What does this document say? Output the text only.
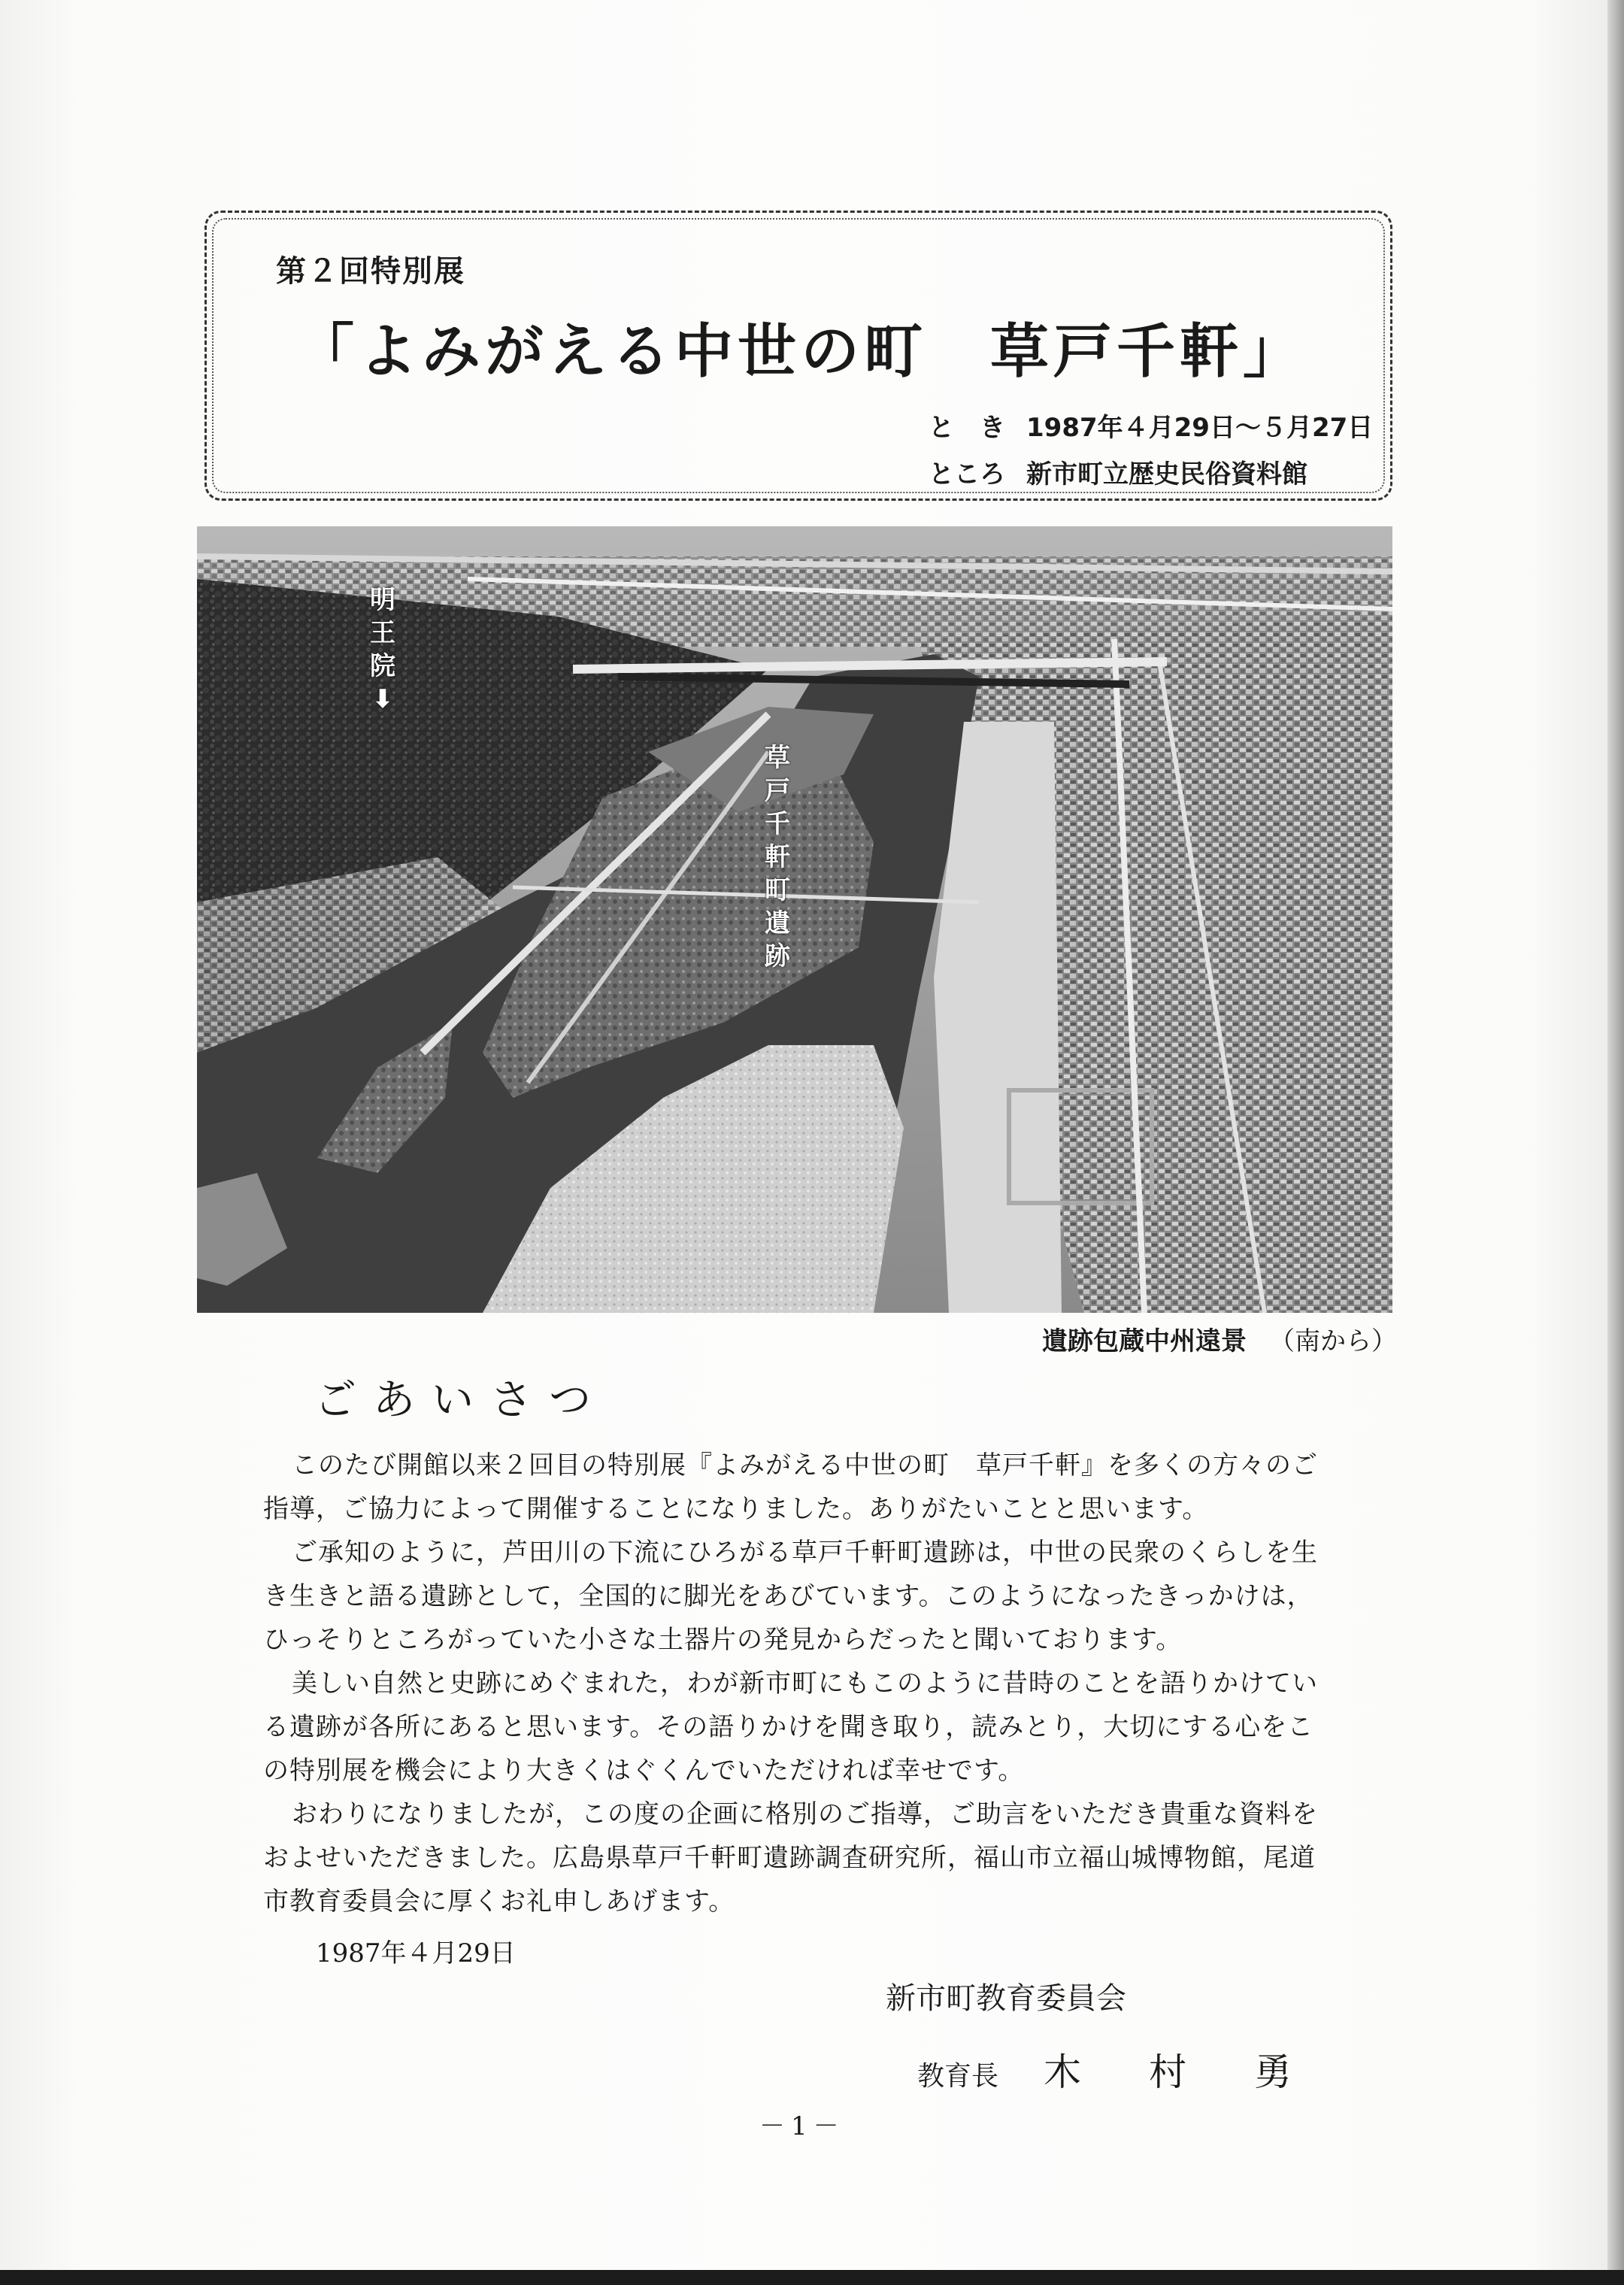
第２回特別展
「よみがえる中世の町　草戸千軒」
と　き 1987年４月29日～５月27日
ところ 新市町立歴史民俗資料館
明王院⬇
草戸千軒町遺跡
遺跡包蔵中州遠景 （南から）
ごあいさつ

このたび開館以来２回目の特別展『よみがえる中世の町　草戸千軒』を多くの方々のご指導，ご協力によって開催することになりました。ありがたいことと思います。

ご承知のように，芦田川の下流にひろがる草戸千軒町遺跡は，中世の民衆のくらしを生き生きと語る遺跡として，全国的に脚光をあびています。このようになったきっかけは，ひっそりところがっていた小さな土器片の発見からだったと聞いております。

美しい自然と史跡にめぐまれた，わが新市町にもこのように昔時のことを語りかけている遺跡が各所にあると思います。その語りかけを聞き取り，読みとり，大切にする心をこの特別展を機会により大きくはぐくんでいただければ幸せです。

おわりになりましたが，この度の企画に格別のご指導，ご助言をいただき貴重な資料をおよせいただきました。広島県草戸千軒町遺跡調査研究所，福山市立福山城博物館，尾道市教育委員会に厚くお礼申しあげます。

1987年４月29日
新市町教育委員会
教育長 木村勇
－1－
